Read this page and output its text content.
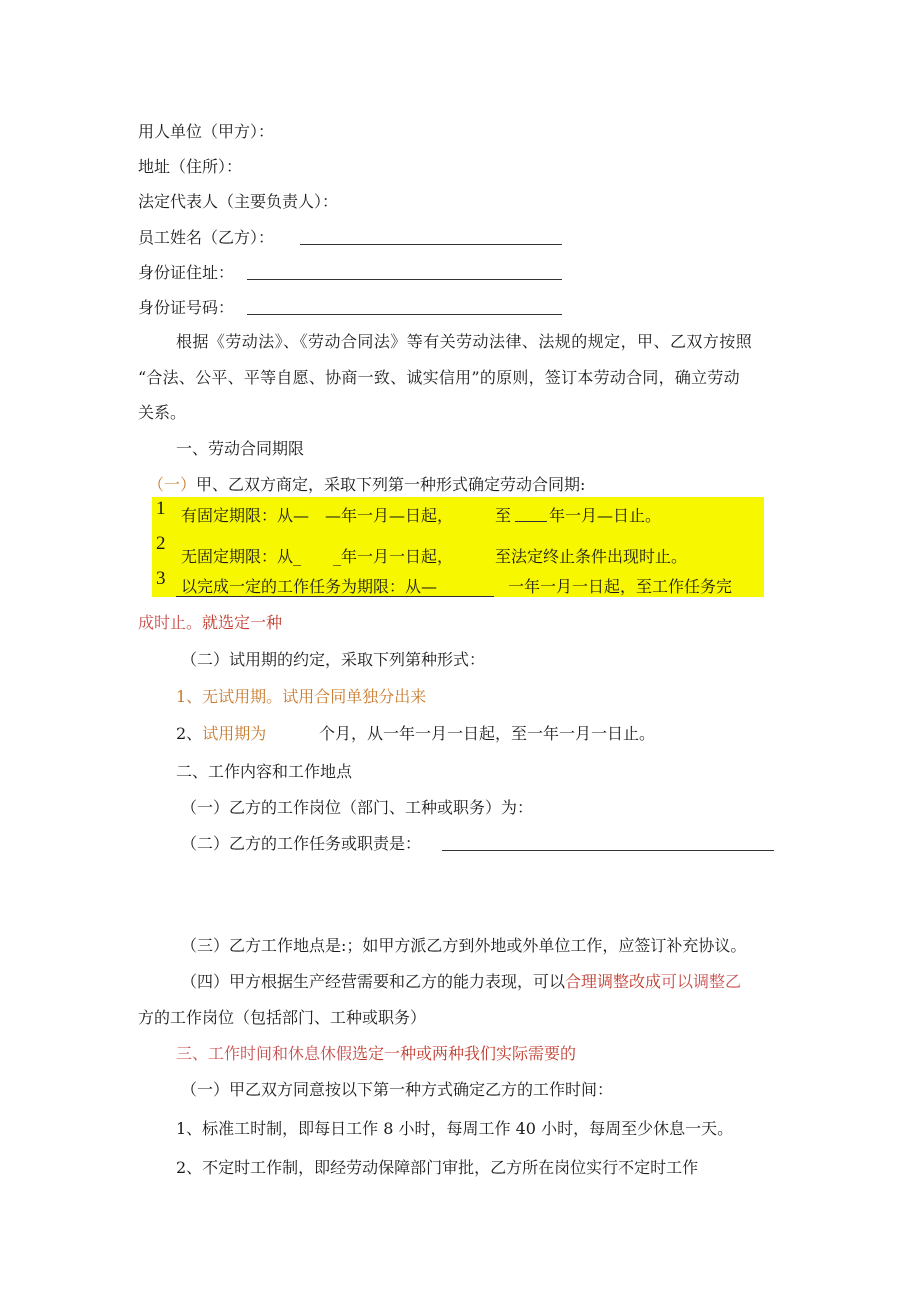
用人单位（甲方）：
地址（住所）：
法定代表人（主要负责人）：
员工姓名（乙方）：
身份证住址：
身份证号码：
根据《劳动法》、《劳动合同法》等有关劳动法律、法规的规定，甲、乙双方按照
“合法、公平、平等自愿、协商一致、诚实信用”的原则，签订本劳动合同，确立劳动
关系。
一、劳动合同期限
（一）甲、乙双方商定，采取下列第一种形式确定劳动合同期:
1 有固定期限：从—　—年一月—日起，	至 年一月—日止。
2
无固定期限：从_ _年一月一日起，	至法定终止条件出现时止。
3 以完成一定的工作任务为期限：从—	一年一月一日起，至工作任务完
成时止。就选定一种
（二）试用期的约定，采取下列第种形式：
1、无试用期。试用合同单独分出来
2、试用期为	个月，从一年一月一日起，至一年一月一日止。
二、工作内容和工作地点
（一）乙方的工作岗位（部门、工种或职务）为：
（二）乙方的工作任务或职责是：
（三）乙方工作地点是:；如甲方派乙方到外地或外单位工作，应签订补充协议。
（四）甲方根据生产经营需要和乙方的能力表现，可以合理调整改成可以调整乙
方的工作岗位（包括部门、工种或职务）
三、工作时间和休息休假选定一种或两种我们实际需要的
（一）甲乙双方同意按以下第一种方式确定乙方的工作时间：
1、标准工时制，即每日工作 8 小时，每周工作 40 小时，每周至少休息一天。
2、不定时工作制，即经劳动保障部门审批，乙方所在岗位实行不定时工作
